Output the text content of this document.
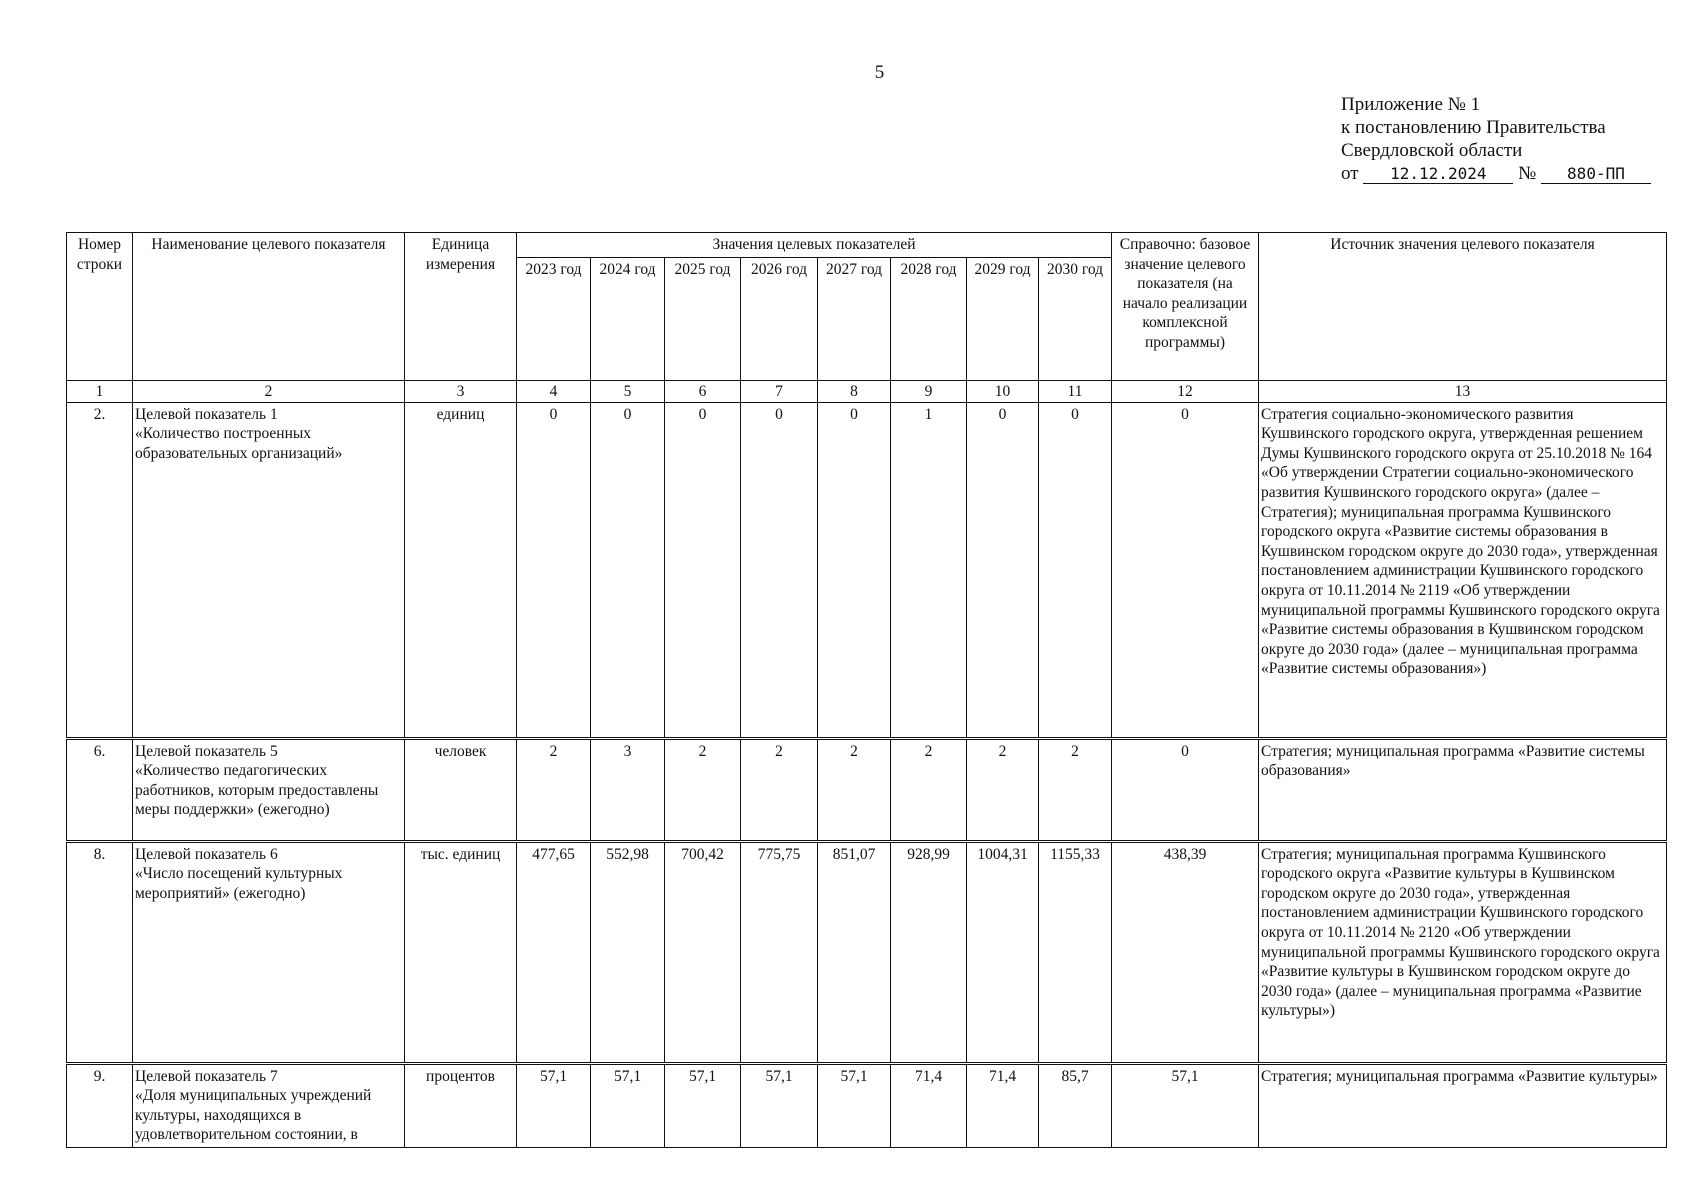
5
Приложение № 1
к постановлению Правительства
Свердловской области
от 12.12.2024 № 880-ПП
Номер строки	Наименование целевого показателя	Единица измерения	Значения целевых показателей								Справочно: базовое значение целевого показателя (на начало реализации комплексной программы)	Источник значения целевого показателя
			2023 год	2024 год	2025 год	2026 год	2027 год	2028 год	2029 год	2030 год		
1	2	3	4	5	6	7	8	9	10	11	12	13
2.	Целевой показатель 1
«Количество построенных образовательных организаций»	единиц	0	0	0	0	0	1	0	0	0	Стратегия социально-экономического развития Кушвинского городского округа, утвержденная решением Думы Кушвинского городского округа от 25.10.2018 № 164 «Об утверждении Стратегии социально-экономического развития Кушвинского городского округа» (далее – Стратегия); муниципальная программа Кушвинского городского округа «Развитие системы образования в Кушвинском городском округе до 2030 года», утвержденная постановлением администрации Кушвинского городского округа от 10.11.2014 № 2119 «Об утверждении муниципальной программы Кушвинского городского округа «Развитие системы образования в Кушвинском городском округе до 2030 года» (далее – муниципальная программа «Развитие системы образования»)
6.	Целевой показатель 5
«Количество педагогических работников, которым предоставлены меры поддержки» (ежегодно)	человек	2	3	2	2	2	2	2	2	0	Стратегия; муниципальная программа «Развитие системы образования»
8.	Целевой показатель 6
«Число посещений культурных мероприятий» (ежегодно)	тыс. единиц	477,65	552,98	700,42	775,75	851,07	928,99	1004,31	1155,33	438,39	Стратегия; муниципальная программа Кушвинского городского округа «Развитие культуры в Кушвинском городском округе до 2030 года», утвержденная постановлением администрации Кушвинского городского округа от 10.11.2014 № 2120 «Об утверждении муниципальной программы Кушвинского городского округа «Развитие культуры в Кушвинском городском округе до 2030 года» (далее – муниципальная программа «Развитие культуры»)
9.	Целевой показатель 7
«Доля муниципальных учреждений культуры, находящихся в удовлетворительном состоянии, в	процентов	57,1	57,1	57,1	57,1	57,1	71,4	71,4	85,7	57,1	Стратегия; муниципальная программа «Развитие культуры»
